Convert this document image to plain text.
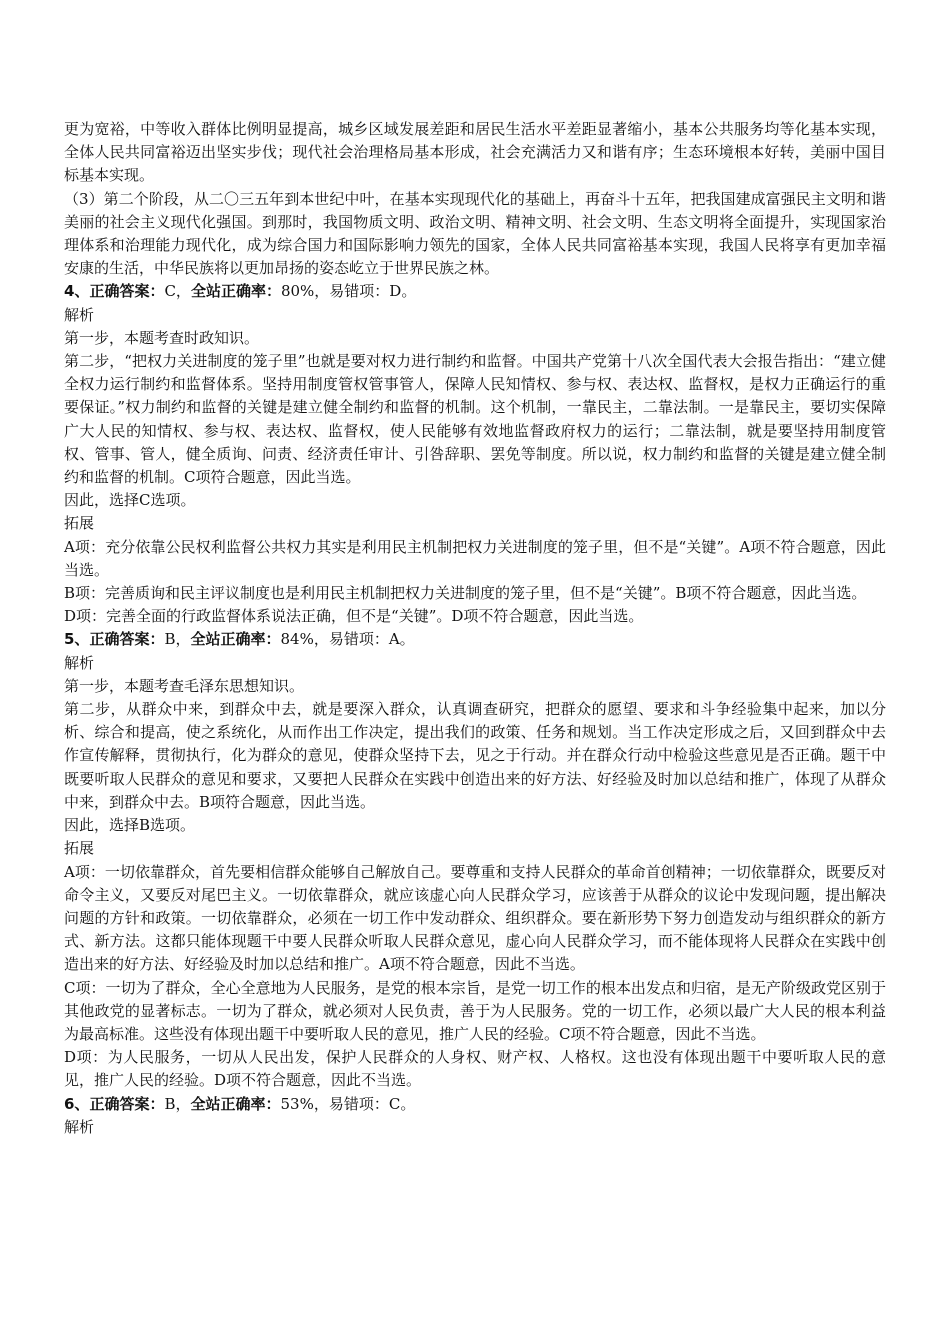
更为宽裕，中等收入群体比例明显提高，城乡区域发展差距和居民生活水平差距显著缩小，基本公共服务均等化基本实现，全体人民共同富裕迈出坚实步伐；现代社会治理格局基本形成，社会充满活力又和谐有序；生态环境根本好转，美丽中国目标基本实现。

（3）第二个阶段，从二〇三五年到本世纪中叶，在基本实现现代化的基础上，再奋斗十五年，把我国建成富强民主文明和谐美丽的社会主义现代化强国。到那时，我国物质文明、政治文明、精神文明、社会文明、生态文明将全面提升，实现国家治理体系和治理能力现代化，成为综合国力和国际影响力领先的国家，全体人民共同富裕基本实现，我国人民将享有更加幸福安康的生活，中华民族将以更加昂扬的姿态屹立于世界民族之林。

4、正确答案：C，全站正确率：80%，易错项：D。

解析

第一步，本题考查时政知识。

第二步，“把权力关进制度的笼子里”也就是要对权力进行制约和监督。中国共产党第十八次全国代表大会报告指出：“建立健全权力运行制约和监督体系。坚持用制度管权管事管人，保障人民知情权、参与权、表达权、监督权，是权力正确运行的重要保证。”权力制约和监督的关键是建立健全制约和监督的机制。这个机制，一靠民主，二靠法制。一是靠民主，要切实保障广大人民的知情权、参与权、表达权、监督权，使人民能够有效地监督政府权力的运行；二靠法制，就是要坚持用制度管权、管事、管人，健全质询、问责、经济责任审计、引咎辞职、罢免等制度。所以说，权力制约和监督的关键是建立健全制约和监督的机制。C项符合题意，因此当选。

因此，选择C选项。

拓展

A项：充分依靠公民权利监督公共权力其实是利用民主机制把权力关进制度的笼子里，但不是“关键”。A项不符合题意，因此当选。

B项：完善质询和民主评议制度也是利用民主机制把权力关进制度的笼子里，但不是“关键”。B项不符合题意，因此当选。

D项：完善全面的行政监督体系说法正确，但不是“关键”。D项不符合题意，因此当选。

5、正确答案：B，全站正确率：84%，易错项：A。

解析

第一步，本题考查毛泽东思想知识。

第二步，从群众中来，到群众中去，就是要深入群众，认真调查研究，把群众的愿望、要求和斗争经验集中起来，加以分析、综合和提高，使之系统化，从而作出工作决定，提出我们的政策、任务和规划。当工作决定形成之后，又回到群众中去作宣传解释，贯彻执行，化为群众的意见，使群众坚持下去，见之于行动。并在群众行动中检验这些意见是否正确。题干中既要听取人民群众的意见和要求，又要把人民群众在实践中创造出来的好方法、好经验及时加以总结和推广，体现了从群众中来，到群众中去。B项符合题意，因此当选。

因此，选择B选项。

拓展

A项：一切依靠群众，首先要相信群众能够自己解放自己。要尊重和支持人民群众的革命首创精神；一切依靠群众，既要反对命令主义，又要反对尾巴主义。一切依靠群众，就应该虚心向人民群众学习，应该善于从群众的议论中发现问题，提出解决问题的方针和政策。一切依靠群众，必须在一切工作中发动群众、组织群众。要在新形势下努力创造发动与组织群众的新方式、新方法。这都只能体现题干中要人民群众听取人民群众意见，虚心向人民群众学习，而不能体现将人民群众在实践中创造出来的好方法、好经验及时加以总结和推广。A项不符合题意，因此不当选。

C项：一切为了群众，全心全意地为人民服务，是党的根本宗旨，是党一切工作的根本出发点和归宿，是无产阶级政党区别于其他政党的显著标志。一切为了群众，就必须对人民负责，善于为人民服务。党的一切工作，必须以最广大人民的根本利益为最高标准。这些没有体现出题干中要听取人民的意见，推广人民的经验。C项不符合题意，因此不当选。

D项：为人民服务，一切从人民出发，保护人民群众的人身权、财产权、人格权。这也没有体现出题干中要听取人民的意见，推广人民的经验。D项不符合题意，因此不当选。

6、正确答案：B，全站正确率：53%，易错项：C。

解析
